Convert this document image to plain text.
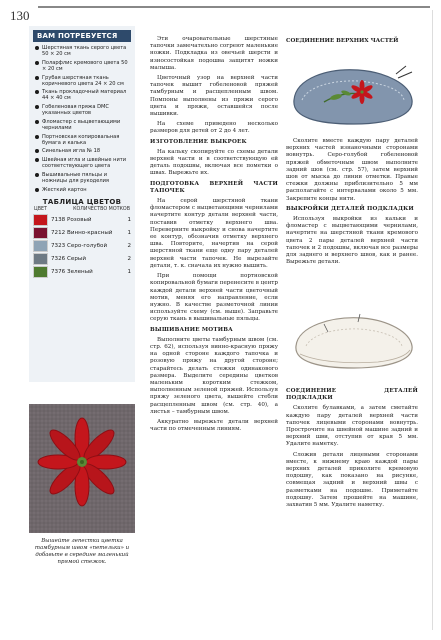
130
ВАМ ПОТРЕБУЕТСЯ
Шерстяная ткань серого цвета 50 × 20 см
Поларфлис кремового цвета 50 × 20 см
Грубая шерстяная ткань коричневого цвета 24 × 20 см
Ткань прокладочный материал 44 × 40 см
Гобеленовая пряжа DMC указанных цветов
Фломастер с выцветающими чернилами
Портновская копировальная бумага и калька
Синельная игла № 18
Швейная игла и швейные нити соответствующего цвета
Вышивальные пяльцы и ножницы для рукоделия
Жесткий картон
ТАБЛИЦА ЦВЕТОВ
ЦВЕТ	КОЛИЧЕСТВО МОТКОВ
7138 Розовый	1
7212 Винно-красный	1
7323 Серо-голубой	2
7326 Серый	2
7376 Зеленый	1
Вышейте лепестки цветка тамбурным швом «петельки» и добавьте в середине маленький прямой стежок.

Эти очаровательные шерстяные тапочки замечательно согреют маленькие ножки. Подкладка из овечьей шерсти и износостойкая подошва защитят ножки малыша.

Цветочный узор на верхней части тапочек вышит гобеленовой пряжей тамбурным и расщепленным швом. Помпоны выполнены из пряжи серого цвета и пряжи, оставшейся после вышивки.

На схеме приведено несколько размеров для детей от 2 до 4 лет.

ИЗГОТОВЛЕНИЕ ВЫКРОЕК

На кальку скопируйте со схемы детали верхней части и в соответствующую ей деталь подошвы, включая все пометки о швах. Вырежьте их.

ПОДГОТОВКА ВЕРХНЕЙ ЧАСТИ ТАПОЧЕК

На серой шерстяной ткани фломастером с выцветающими чернилами начертите контур детали верхней части, поставив отметку верхнего шва. Переверните выкройку и снова начертите ее контур, обозначив отметку верхнего шва. Повторите, начертив на серой шерстяной ткани еще одну пару деталей верхней части тапочек. Не вырезайте детали, т. к. сначала их нужно вышить.

При помощи портновской копировальной бумаги перенесите в центр каждой детали верхней части цветочный мотив, меняя его направление, если нужно. В качестве разметочной линии используйте схему (см. выше). Заправьте серую ткань в вышивальные пяльцы.

ВЫШИВАНИЕ МОТИВА

Выполните цветы тамбурным швом (см. стр. 62), используя винно-красную пряжу на одной стороне каждого тапочка и розовую пряжу на другой стороне; старайтесь делать стежки одинакового размера. Выделите середины цветков маленьким коротким стежком, выполненным зеленой пряжей. Используя пряжу зеленого цвета, вышейте стебли расщепленным швом (см. стр. 40), а листья – тамбурным швом.

Аккуратно вырежьте детали верхней части по отмеченным линиям.

СОЕДИНЕНИЕ ВЕРХНИХ ЧАСТЕЙ

Сколите вместе каждую пару деталей верхних частей изнаночными сторонами вовнутрь. Серо-голубой гобеленовой пряжей обметочным швом выполните задний шов (см. стр. 57), затем верхний шов от мыска до линии отметки. Правые стежки должны приблизительно 5 мм располагайте с интервалами около 5 мм. Закрепите концы нити.

ВЫКРОЙКИ ДЕТАЛЕЙ ПОДКЛАДКИ

Используя выкройки из кальки и фломастер с выцветающими чернилами, начертите на шерстяной ткани кремового цвета 2 пары деталей верхней части тапочек и 2 подошвы, включая все размеры для заднего и верхнего швов, как и ранее. Вырежьте детали.

СОЕДИНЕНИЕ ДЕТАЛЕЙ ПОДКЛАДКИ

Сколите булавками, а затем сметайте каждую пару деталей верхней части тапочек лицевыми сторонами вовнутрь. Прострочите на швейной машине задний и верхний шви, отступив от края 5 мм. Удалите наметку.

Сложив детали лицевыми сторонами вместе, к нижнему краю каждой пары верхних деталей приколите кремовую подошву, как показано на рисунке, совмещая задний и верхний швы с разметками на подошве. Приметайте подошву. Затем прошейте на машине, захватив 5 мм. Удалите наметку.
